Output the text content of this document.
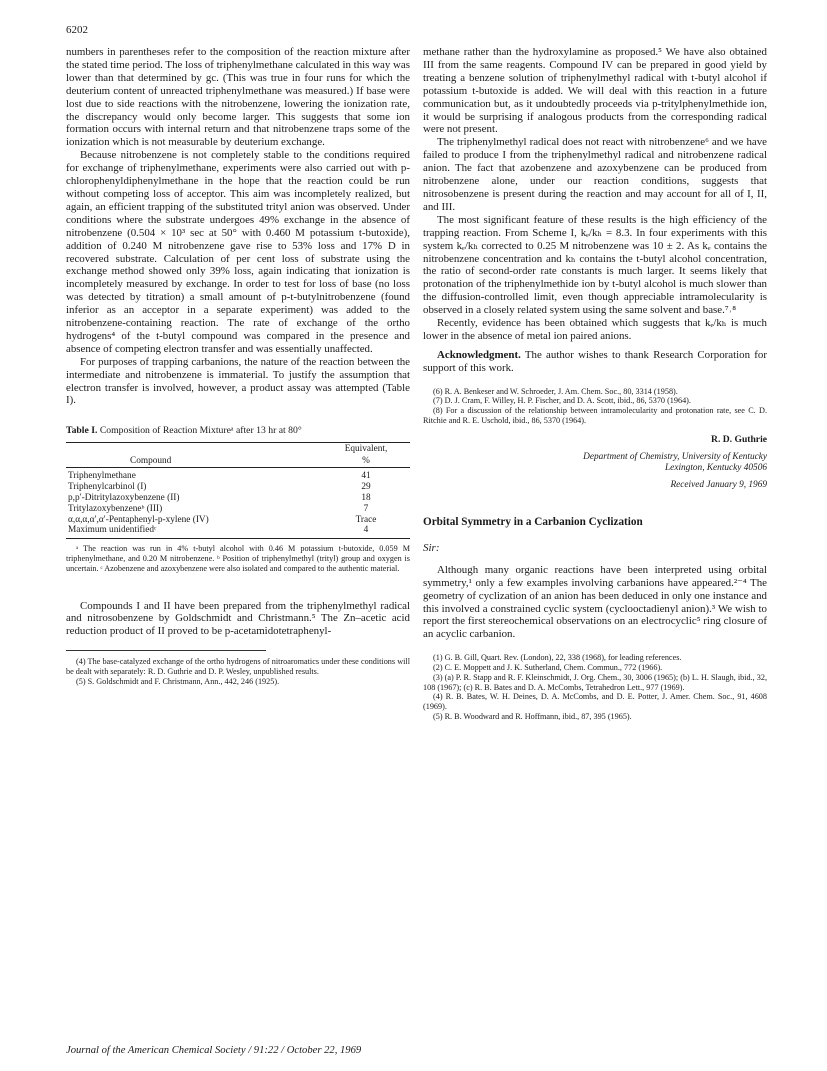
6202

numbers in parentheses refer to the composition of the reaction mixture after the stated time period. The loss of triphenylmethane calculated in this way was lower than that determined by gc. (This was true in four runs for which the deuterium content of unreacted triphenylmethane was measured.) If base were lost due to side reactions with the nitrobenzene, lowering the ionization rate, the discrepancy would only become larger. This suggests that some ion formation occurs with internal return and that nitrobenzene traps some of the ionization which is not measurable by deuterium exchange.

Because nitrobenzene is not completely stable to the conditions required for exchange of triphenylmethane, experiments were also carried out with p-chlorophenyldiphenylmethane in the hope that the reaction could be run without competing loss of acceptor. This aim was incompletely realized, but again, an efficient trapping of the substituted trityl anion was observed. Under conditions where the substrate undergoes 49% exchange in the absence of nitrobenzene (0.504 × 10³ sec at 50° with 0.460 M potassium t-butoxide), addition of 0.240 M nitrobenzene gave rise to 53% loss and 17% D in recovered substrate. Calculation of per cent loss of substrate using the exchange method showed only 39% loss, again indicating that ionization is incompletely measured by exchange. In order to test for loss of base (no loss was detected by titration) a small amount of p-t-butylnitrobenzene (found inferior as an acceptor in a separate experiment) was added to the nitrobenzene-containing reaction. The rate of exchange of the ortho hydrogens⁴ of the t-butyl compound was compared in the presence and absence of competing electron transfer and was essentially unaffected.

For purposes of trapping carbanions, the nature of the reaction between the intermediate and nitrobenzene is immaterial. To justify the assumption that electron transfer is involved, however, a product assay was attempted (Table I).

Table I. Composition of Reaction Mixtureᵃ after 13 hr at 80°
	Equivalent,
Compound	%
Triphenylmethane	41
Triphenylcarbinol (I)	29
p,p′-Ditritylazoxybenzene (II)	18
Tritylazoxybenzeneᵇ (III)	7
α,α,α,α′,α′-Pentaphenyl-p-xylene (IV)	Trace
Maximum unidentifiedᶜ	4

ᵃ The reaction was run in 4% t-butyl alcohol with 0.46 M potassium t-butoxide, 0.059 M triphenylmethane, and 0.20 M nitrobenzene. ᵇ Position of triphenylmethyl (trityl) group and oxygen is uncertain. ᶜ Azobenzene and azoxybenzene were also isolated and compared to the authentic material.

Compounds I and II have been prepared from the triphenylmethyl radical and nitrosobenzene by Goldschmidt and Christmann.⁵ The Zn–acetic acid reduction product of II proved to be p-acetamidotetraphenyl-

(4) The base-catalyzed exchange of the ortho hydrogens of nitroaromatics under these conditions will be dealt with separately: R. D. Guthrie and D. P. Wesley, unpublished results.

(5) S. Goldschmidt and F. Christmann, Ann., 442, 246 (1925).

methane rather than the hydroxylamine as proposed.⁵ We have also obtained III from the same reagents. Compound IV can be prepared in good yield by treating a benzene solution of triphenylmethyl radical with t-butyl alcohol if potassium t-butoxide is added. We will deal with this reaction in a future communication but, as it undoubtedly proceeds via p-tritylphenylmethide ion, it would be surprising if analogous products from the corresponding radical were not present.

The triphenylmethyl radical does not react with nitrobenzene⁶ and we have failed to produce I from the triphenylmethyl radical and nitrobenzene radical anion. The fact that azobenzene and azoxybenzene can be produced from nitrobenzene alone, under our reaction conditions, suggests that nitrosobenzene is present during the reaction and may account for all of I, II, and III.

The most significant feature of these results is the high efficiency of the trapping reaction. From Scheme I, kₑ/kₕ = 8.3. In four experiments with this system kₑ/kₕ corrected to 0.25 M nitrobenzene was 10 ± 2. As kₑ contains the nitrobenzene concentration and kₕ contains the t-butyl alcohol concentration, the ratio of second-order rate constants is much larger. It seems likely that protonation of the triphenylmethide ion by t-butyl alcohol is much slower than the diffusion-controlled limit, even though appreciable intramolecularity is observed in a closely related system using the same solvent and base.⁷˒⁸

Recently, evidence has been obtained which suggests that kₑ/kₕ is much lower in the absence of metal ion paired anions.

Acknowledgment. The author wishes to thank Research Corporation for support of this work.

(6) R. A. Benkeser and W. Schroeder, J. Am. Chem. Soc., 80, 3314 (1958).

(7) D. J. Cram, F. Willey, H. P. Fischer, and D. A. Scott, ibid., 86, 5370 (1964).

(8) For a discussion of the relationship between intramolecularity and protonation rate, see C. D. Ritchie and R. E. Uschold, ibid., 86, 5370 (1964).

R. D. Guthrie
Department of Chemistry, University of Kentucky
Lexington, Kentucky 40506
Received January 9, 1969
Orbital Symmetry in a Carbanion Cyclization
Sir:

Although many organic reactions have been interpreted using orbital symmetry,¹ only a few examples involving carbanions have appeared.²⁻⁴ The geometry of cyclization of an anion has been deduced in only one instance and this involved a constrained cyclic system (cyclooctadienyl anion).³ We wish to report the first stereochemical observations on an electrocyclic⁵ ring closure of an acyclic carbanion.

(1) G. B. Gill, Quart. Rev. (London), 22, 338 (1968), for leading references.

(2) C. E. Moppett and J. K. Sutherland, Chem. Commun., 772 (1966).

(3) (a) P. R. Stapp and R. F. Kleinschmidt, J. Org. Chem., 30, 3006 (1965); (b) L. H. Slaugh, ibid., 32, 108 (1967); (c) R. B. Bates and D. A. McCombs, Tetrahedron Lett., 977 (1969).

(4) R. B. Bates, W. H. Deines, D. A. McCombs, and D. E. Potter, J. Amer. Chem. Soc., 91, 4608 (1969).

(5) R. B. Woodward and R. Hoffmann, ibid., 87, 395 (1965).

Journal of the American Chemical Society / 91:22 / October 22, 1969
